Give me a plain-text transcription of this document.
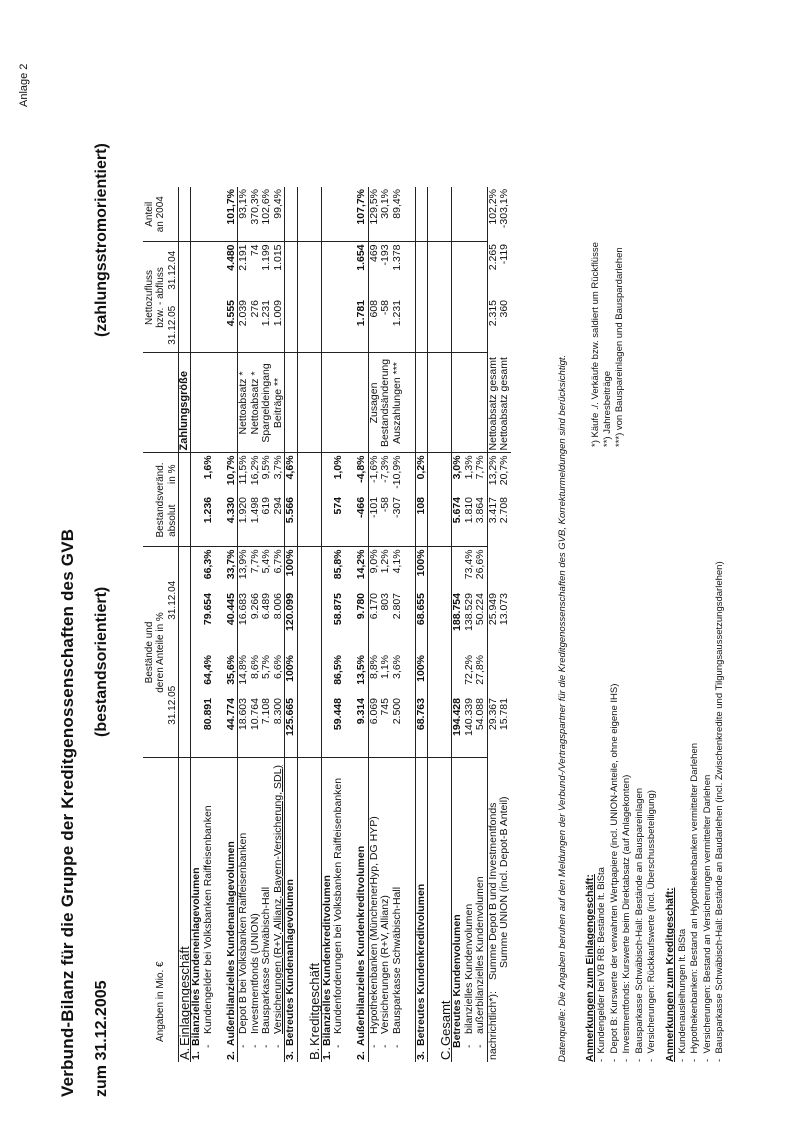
Anlage 2
Verbund-Bilanz für die Gruppe der Kreditgenossenschaften des GVB zum 31.12.2005
(bestandsorientiert)
(zahlungsstromorientiert)
	Bestände und							Nettozufluss		Anteil
Angaben in Mio. €	deren Anteile in %				Bestandsveränd.			bzw. - abfluss		an 2004
	31.12.05		31.12.04		absolut	in %		31.12.05	31.12.04	
A.Einlagengeschäft							Zahlungsgröße			
1.Bilanzielles Kundeneinlagevolumen										
-Kundengelder bei Volksbanken Raiffeisenbanken	80.891	64,4%	79.654	66,3%	1.236	1,6%				

2.Außerbilanzielles Kundenanlagevolumen	44.774	35,6%	40.445	33,7%	4.330	10,7%		4.555	4.480	101,7%
-Depot B bei Volksbanken Raiffeisenbanken	18.603	14,8%	16.683	13,9%	1.920	11,5%	Nettoabsatz *	2.039	2.191	93,1%
-Investmentfonds (UNION)	10.764	8,6%	9.266	7,7%	1.498	16,2%	Nettoabsatz *	276	74	370,3%
-Bausparkasse Schwäbisch-Hall	7.108	5,7%	6.489	5,4%	619	9,5%	Spargeldeingang	1.231	1.199	102,6%
-Versicherungen (R+V, Allianz, Bayern-Versicherung, SDL)	8.300	6,6%	8.006	6,7%	294	3,7%	Beiträge **	1.009	1.015	99,4%
3.Betreutes Kundenanlagevolumen	125.665	100%	120.099	100%	5.566	4,6%				

B.Kreditgeschäft										
1.Bilanzielles Kundenkreditvolumen										
-Kundenforderungen bei Volksbanken Raiffeisenbanken	59.448	86,5%	58.875	85,8%	574	1,0%				

2.Außerbilanzielles Kundenkreditvolumen	9.314	13,5%	9.780	14,2%	-466	-4,8%		1.781	1.654	107,7%
-Hypothekenbanken (MünchenerHyp, DG HYP)	6.069	8,8%	6.170	9,0%	-101	-1,6%	Zusagen	608	469	129,5%
-Versicherungen (R+V, Allianz)	745	1,1%	803	1,2%	-58	-7,3%	Bestandsänderung	-58	-193	30,1%
-Bausparkasse Schwäbisch-Hall	2.500	3,6%	2.807	4,1%	-307	-10,9%	Auszahlungen ***	1.231	1.378	89,4%

3.Betreutes Kundenkreditvolumen	68.763	100%	68.655	100%	108	0,2%				

C.Gesamt										
Betreutes Kundenvolumen	194.428		188.754		5.674	3,0%				
-bilanzielles Kundenvolumen	140.339	72,2%	138.529	73,4%	1.810	1,3%				
-außerbilanzielles Kundenvolumen	54.088	27,8%	50.224	26,6%	3.864	7,7%				
nachrichtlich*):Summe Depot B und Investmentfonds	29.367		25.949		3.417	13,2%	Nettoabsatz gesamt	2.315	2.265	102,2%
Summe UNION (incl. Depot-B Anteil)	15.781		13.073		2.708	20,7%	Nettoabsatz gesamt	360	-119	-303,1%
Datenquelle: Die Angaben beruhen auf den Meldungen der Verbund-/Vertragspartner für die Kreditgenossenschaften des GVB, Korrekturmeldungen sind berücksichtigt. Anmerkungen zum Einlagengeschäft: -  Kundengelder bei VB RB: Bestände lt. BiSta
-  Depot B: Kurswerte der verwahrten Wertpapiere (incl. UNION-Anteile, ohne eigene IHS)
-  Investmentfonds: Kurswerte beim Direktabsatz (auf Anlagekonten)
-  Bausparkasse Schwäbisch-Hall: Bestände an Bauspareinlagen
-  Versicherungen: Rückkaufswerte (incl. Überschussbeteiligung) Anmerkungen zum Kreditgeschäft: -  Kundenausleihungen lt. BiSta
-  Hypothekenbanken: Bestand an Hypothekenbanken vermittelter Darlehen
-  Versicherungen: Bestand an Versicherungen vermittelter Darlehen
-  Bausparkasse Schwäbisch-Hall: Bestände an Baudarlehen (incl. Zwischenkredite und Tilgungsaussetzungsdarlehen)
*) Käufe ./. Verkäufe bzw. saldiert um Rückflüsse **) Jahresbeiträge ***) von Bauspareinlagen und Bauspardarlehen
